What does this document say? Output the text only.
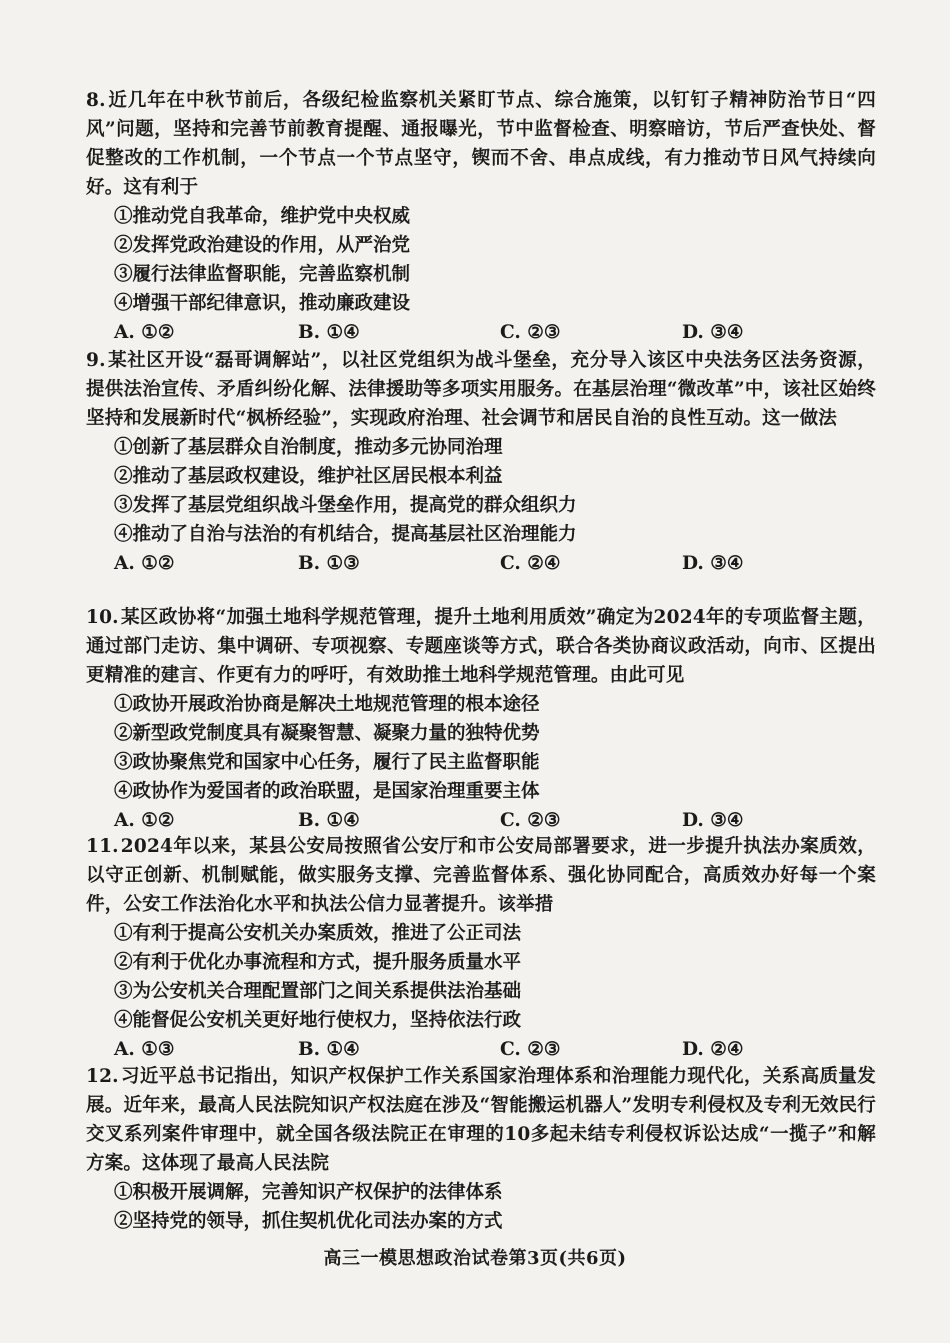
8. 近几年在中秋节前后，各级纪检监察机关紧盯节点、综合施策，以钉钉子精神防治节日“四风”问题，坚持和完善节前教育提醒、通报曝光，节中监督检查、明察暗访，节后严查快处、督促整改的工作机制，一个节点一个节点坚守，锲而不舍、串点成线，有力推动节日风气持续向好。这有利于
①推动党自我革命，维护党中央权威
②发挥党政治建设的作用，从严治党
③履行法律监督职能，完善监察机制
④增强干部纪律意识，推动廉政建设
A. ①②	B. ①④	C. ②③	D. ③④
9. 某社区开设“磊哥调解站”，以社区党组织为战斗堡垒，充分导入该区中央法务区法务资源，提供法治宣传、矛盾纠纷化解、法律援助等多项实用服务。在基层治理“微改革”中，该社区始终坚持和发展新时代“枫桥经验”，实现政府治理、社会调节和居民自治的良性互动。这一做法
①创新了基层群众自治制度，推动多元协同治理
②推动了基层政权建设，维护社区居民根本利益
③发挥了基层党组织战斗堡垒作用，提高党的群众组织力
④推动了自治与法治的有机结合，提高基层社区治理能力
A. ①②	B. ①③	C. ②④	D. ③④
10. 某区政协将“加强土地科学规范管理，提升土地利用质效”确定为2024年的专项监督主题，通过部门走访、集中调研、专项视察、专题座谈等方式，联合各类协商议政活动，向市、区提出更精准的建言、作更有力的呼吁，有效助推土地科学规范管理。由此可见
①政协开展政治协商是解决土地规范管理的根本途径
②新型政党制度具有凝聚智慧、凝聚力量的独特优势
③政协聚焦党和国家中心任务，履行了民主监督职能
④政协作为爱国者的政治联盟，是国家治理重要主体
A. ①②	B. ①④	C. ②③	D. ③④
11. 2024年以来，某县公安局按照省公安厅和市公安局部署要求，进一步提升执法办案质效，以守正创新、机制赋能，做实服务支撑、完善监督体系、强化协同配合，高质效办好每一个案件，公安工作法治化水平和执法公信力显著提升。该举措
①有利于提高公安机关办案质效，推进了公正司法
②有利于优化办事流程和方式，提升服务质量水平
③为公安机关合理配置部门之间关系提供法治基础
④能督促公安机关更好地行使权力，坚持依法行政
A. ①③	B. ①④	C. ②③	D. ②④
12. 习近平总书记指出，知识产权保护工作关系国家治理体系和治理能力现代化，关系高质量发展。近年来，最高人民法院知识产权法庭在涉及“智能搬运机器人”发明专利侵权及专利无效民行交叉系列案件审理中，就全国各级法院正在审理的10多起未结专利侵权诉讼达成“一揽子”和解方案。这体现了最高人民法院
①积极开展调解，完善知识产权保护的法律体系
②坚持党的领导，抓住契机优化司法办案的方式
高三一模思想政治试卷第3页(共6页)
